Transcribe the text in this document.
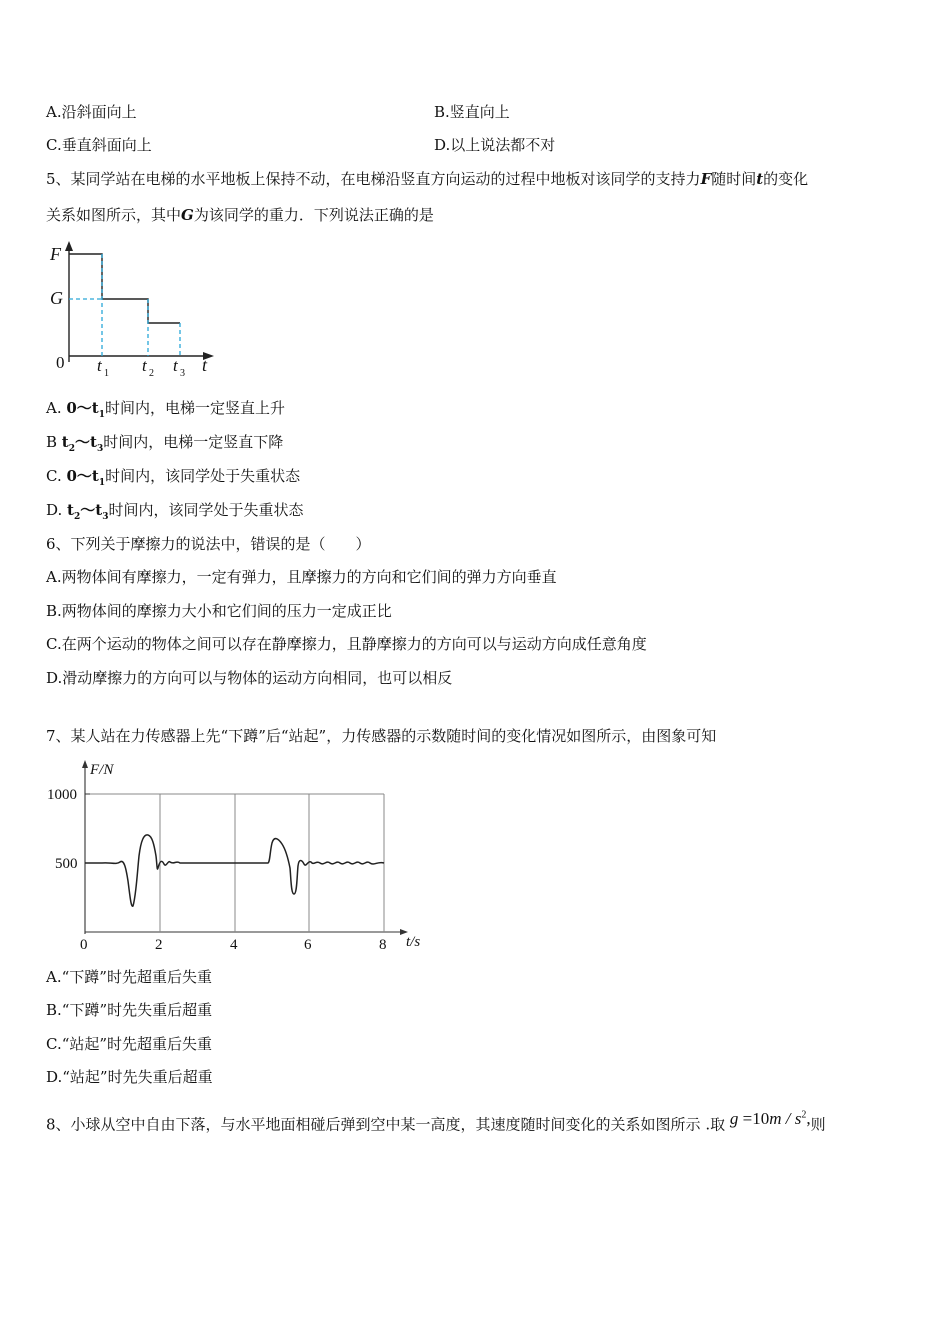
A.沿斜面向上	B.竖直向上
C.垂直斜面向上	D.以上说法都不对
5、某同学站在电梯的水平地板上保持不动，在电梯沿竖直方向运动的过程中地板对该同学的支持力F随时间t的变化
关系如图所示，其中G为该同学的重力．下列说法正确的是
F
G
0 t 1 t 2 t 3 t
A. $0\sim t_1$时间内，电梯一定竖直上升
B $t_2\sim t_3$时间内，电梯一定竖直下降
C. $0\sim t_1$时间内，该同学处于失重状态
D. $t_2\sim t_3$时间内，该同学处于失重状态
6、下列关于摩擦力的说法中，错误的是（　　）
A.两物体间有摩擦力，一定有弹力，且摩擦力的方向和它们间的弹力方向垂直
B.两物体间的摩擦力大小和它们间的压力一定成正比
C.在两个运动的物体之间可以存在静摩擦力，且静摩擦力的方向可以与运动方向成任意角度
D.滑动摩擦力的方向可以与物体的运动方向相同，也可以相反
7、某人站在力传感器上先“下蹲”后“站起”，力传感器的示数随时间的变化情况如图所示，由图象可知
F/N
1000
500
0	2	4	6	8 t/s
A.“下蹲”时先超重后失重
B.“下蹲”时先失重后超重
C.“站起”时先超重后失重
D.“站起”时先失重后超重
8、小球从空中自由下落，与水平地面相碰后弹到空中某一高度，其速度随时间变化的关系如图所示 .取 $g =10m / s^2$,则
